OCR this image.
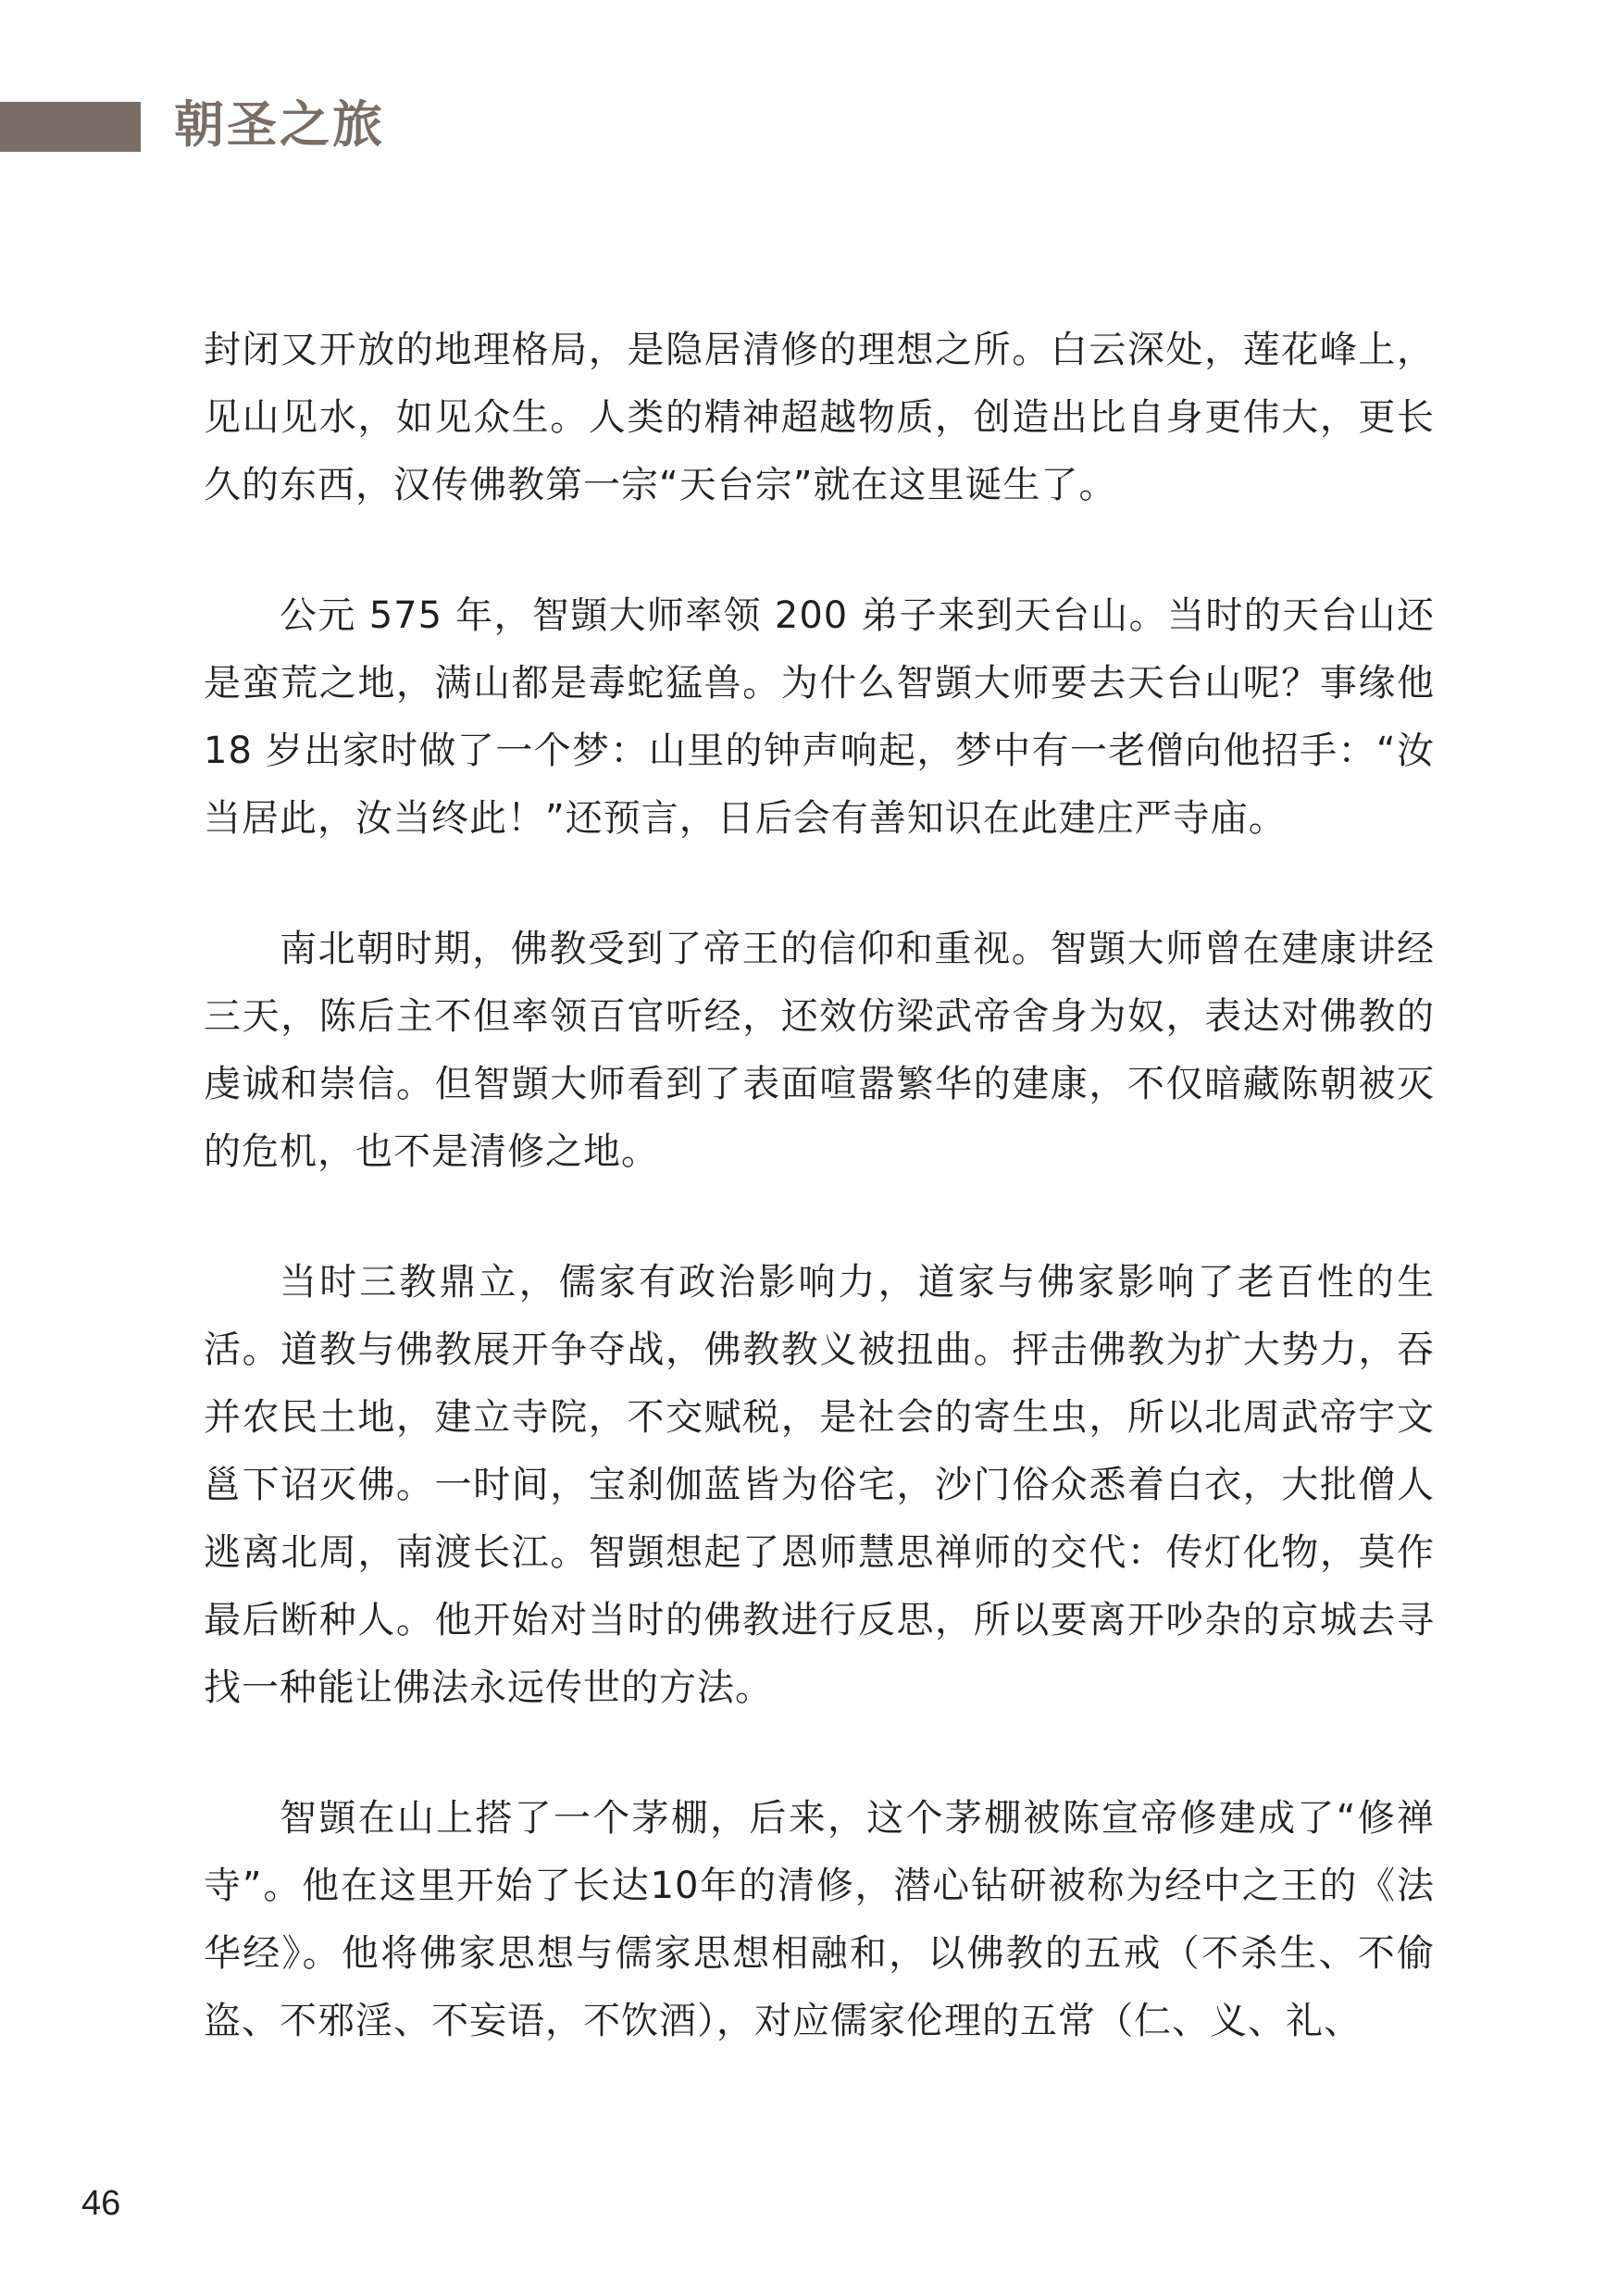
朝圣之旅

封闭又开放的地理格局，是隐居清修的理想之所。白云深处，莲花峰上，见山见水，如见众生。人类的精神超越物质，创造出比自身更伟大，更长久的东西，汉传佛教第一宗“天台宗”就在这里诞生了。

公元 575 年，智顗大师率领 200 弟子来到天台山。当时的天台山还是蛮荒之地，满山都是毒蛇猛兽。为什么智顗大师要去天台山呢？事缘他 18 岁出家时做了一个梦：山里的钟声响起，梦中有一老僧向他招手：“汝当居此，汝当终此！”还预言，日后会有善知识在此建庄严寺庙。

南北朝时期，佛教受到了帝王的信仰和重视。智顗大师曾在建康讲经三天，陈后主不但率领百官听经，还效仿梁武帝舍身为奴，表达对佛教的虔诚和崇信。但智顗大师看到了表面喧嚣繁华的建康，不仅暗藏陈朝被灭的危机，也不是清修之地。

当时三教鼎立，儒家有政治影响力，道家与佛家影响了老百性的生活。道教与佛教展开争夺战，佛教教义被扭曲。抨击佛教为扩大势力，吞并农民土地，建立寺院，不交赋税，是社会的寄生虫，所以北周武帝宇文邕下诏灭佛。一时间，宝刹伽蓝皆为俗宅，沙门俗众悉着白衣，大批僧人逃离北周，南渡长江。智顗想起了恩师慧思禅师的交代：传灯化物，莫作最后断种人。他开始对当时的佛教进行反思，所以要离开吵杂的京城去寻找一种能让佛法永远传世的方法。

智顗在山上搭了一个茅棚，后来，这个茅棚被陈宣帝修建成了“修禅寺”。他在这里开始了长达10年的清修，潜心钻研被称为经中之王的《法华经》。他将佛家思想与儒家思想相融和，以佛教的五戒（不杀生、不偷盗、不邪淫、不妄语，不饮酒），对应儒家伦理的五常（仁、义、礼、

46
